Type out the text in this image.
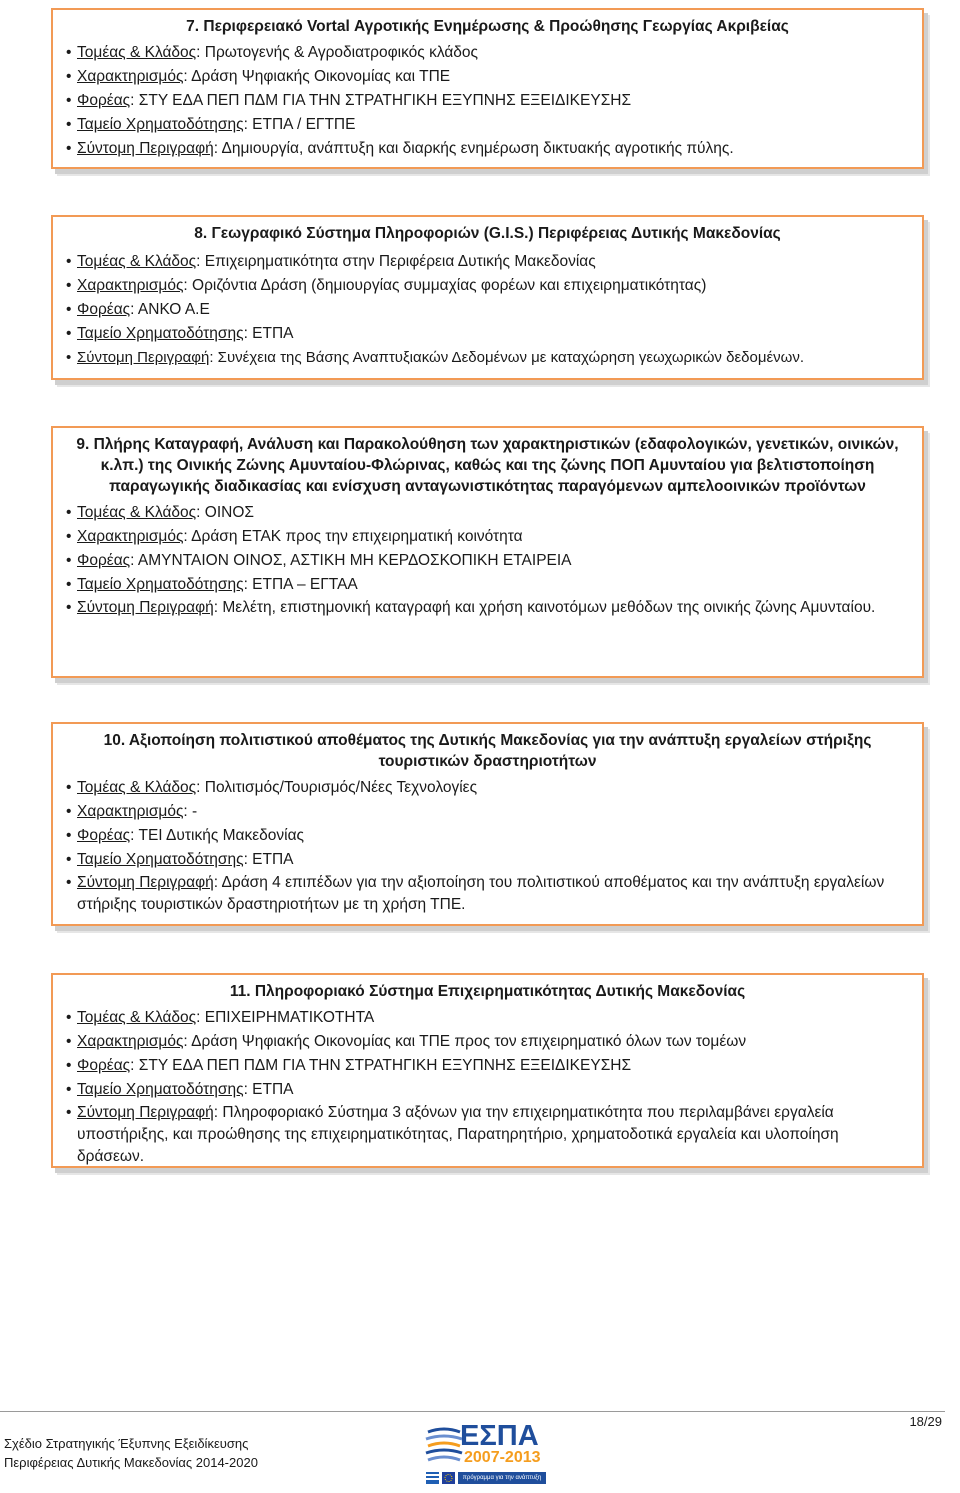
7. Περιφερειακό Vortal Αγροτικής Ενημέρωσης & Προώθησης Γεωργίας Ακριβείας
• Τομέας & Κλάδος: Πρωτογενής & Αγροδιατροφικός κλάδος
• Χαρακτηρισμός: Δράση Ψηφιακής Οικονομίας και ΤΠΕ
• Φορέας: ΣΤΥ ΕΔΑ ΠΕΠ ΠΔΜ ΓΙΑ ΤΗΝ ΣΤΡΑΤΗΓΙΚΗ ΕΞΥΠΝΗΣ ΕΞΕΙΔΙΚΕΥΣΗΣ
• Ταμείο Χρηματοδότησης: ΕΤΠΑ / ΕΓΤΠΕ
• Σύντομη Περιγραφή: Δημιουργία, ανάπτυξη και διαρκής ενημέρωση δικτυακής αγροτικής πύλης.
8. Γεωγραφικό Σύστημα Πληροφοριών (G.I.S.) Περιφέρειας Δυτικής Μακεδονίας
• Τομέας & Κλάδος: Επιχειρηματικότητα στην Περιφέρεια Δυτικής Μακεδονίας
• Χαρακτηρισμός: Οριζόντια Δράση (δημιουργίας συμμαχίας φορέων και επιχειρηματικότητας)
• Φορέας: ΑΝΚΟ Α.Ε
• Ταμείο Χρηματοδότησης: ΕΤΠΑ
• Σύντομη Περιγραφή: Συνέχεια της Βάσης Αναπτυξιακών Δεδομένων με καταχώρηση γεωχωρικών δεδομένων.
9. Πλήρης Καταγραφή, Ανάλυση και Παρακολούθηση των χαρακτηριστικών (εδαφολογικών, γενετικών, οινικών, κ.λπ.) της Οινικής Ζώνης Αμυνταίου-Φλώρινας, καθώς και της ζώνης ΠΟΠ Αμυνταίου για βελτιστοποίηση παραγωγικής διαδικασίας και ενίσχυση ανταγωνιστικότητας παραγόμενων αμπελοοινικών προϊόντων
• Τομέας & Κλάδος: ΟΙΝΟΣ
• Χαρακτηρισμός: Δράση ΕΤΑΚ προς την επιχειρηματική κοινότητα
• Φορέας: ΑΜΥΝΤΑΙΟΝ ΟΙΝΟΣ, ΑΣΤΙΚΗ ΜΗ ΚΕΡΔΟΣΚΟΠΙΚΗ ΕΤΑΙΡΕΙΑ
• Ταμείο Χρηματοδότησης: ΕΤΠΑ – ΕΓΤΑΑ
• Σύντομη Περιγραφή: Μελέτη, επιστημονική καταγραφή και χρήση καινοτόμων μεθόδων της οινικής ζώνης Αμυνταίου.
10. Αξιοποίηση πολιτιστικού αποθέματος της Δυτικής Μακεδονίας για την ανάπτυξη εργαλείων στήριξης τουριστικών δραστηριοτήτων
• Τομέας & Κλάδος: Πολιτισμός/Τουρισμός/Νέες Τεχνολογίες
• Χαρακτηρισμός: -
• Φορέας: ΤΕΙ Δυτικής Μακεδονίας
• Ταμείο Χρηματοδότησης: ΕΤΠΑ
• Σύντομη Περιγραφή: Δράση 4 επιπέδων για την αξιοποίηση του πολιτιστικού αποθέματος και την ανάπτυξη εργαλείων στήριξης τουριστικών δραστηριοτήτων με τη χρήση ΤΠΕ.
11. Πληροφοριακό Σύστημα Επιχειρηματικότητας Δυτικής Μακεδονίας
• Τομέας & Κλάδος: ΕΠΙΧΕΙΡΗΜΑΤΙΚΟΤΗΤΑ
• Χαρακτηρισμός: Δράση Ψηφιακής Οικονομίας και ΤΠΕ προς τον επιχειρηματικό όλων των τομέων
• Φορέας: ΣΤΥ ΕΔΑ ΠΕΠ ΠΔΜ ΓΙΑ ΤΗΝ ΣΤΡΑΤΗΓΙΚΗ ΕΞΥΠΝΗΣ ΕΞΕΙΔΙΚΕΥΣΗΣ
• Ταμείο Χρηματοδότησης: ΕΤΠΑ
• Σύντομη Περιγραφή: Πληροφοριακό Σύστημα 3 αξόνων για την επιχειρηματικότητα που περιλαμβάνει εργαλεία υποστήριξης, και προώθησης της επιχειρηματικότητας, Παρατηρητήριο, χρηματοδοτικά εργαλεία και υλοποίηση δράσεων.
18/29
Σχέδιο Στρατηγικής Έξυπνης Εξειδίκευσης
Περιφέρειας Δυτικής Μακεδονίας 2014-2020
ΕΣΠΑ
2007-2013
πρόγραμμα για την ανάπτυξη
